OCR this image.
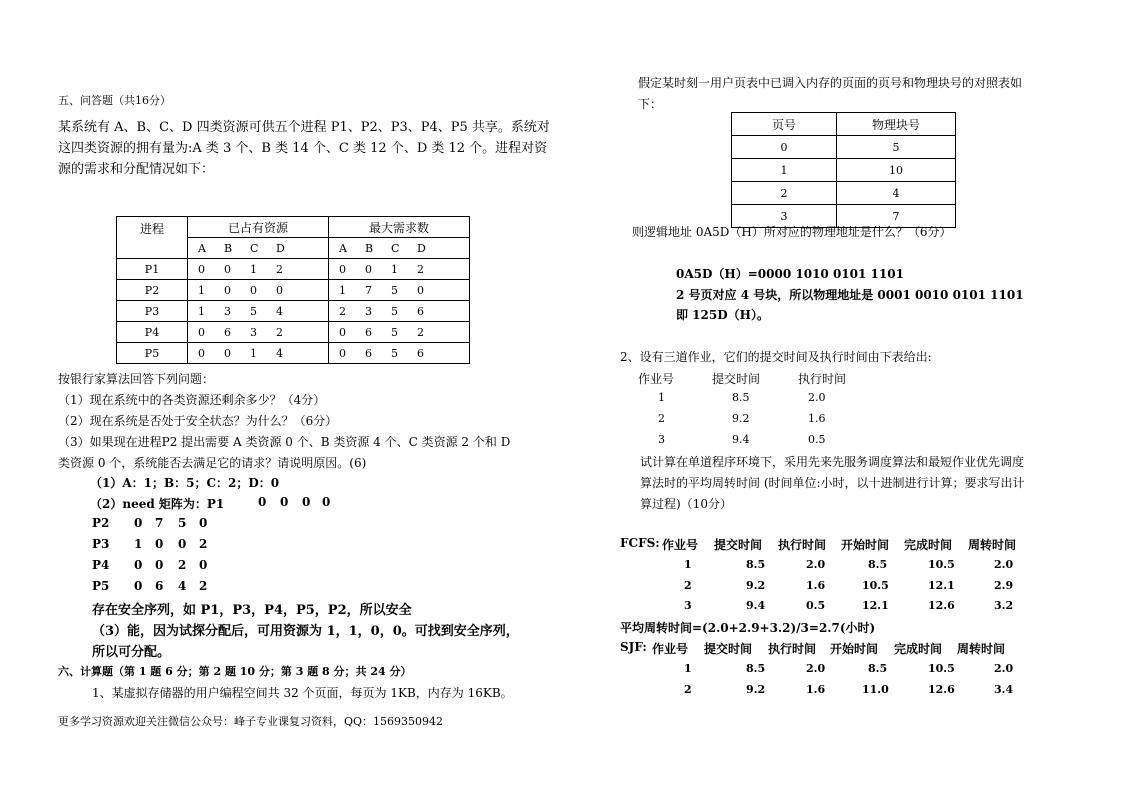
五、问答题（共16分）
某系统有 A、B、C、D 四类资源可供五个进程 P1、P2、P3、P4、P5 共享。系统对
这四类资源的拥有量为:A 类 3 个、B 类 14 个、C 类 12 个、D 类 12 个。进程对资
源的需求和分配情况如下：
进程	已占有资源	最大需求数
	A B C D	A B C D
P1	0 0 1 2	0 0 1 2
P2	1 0 0 0	1 7 5 0
P3	1 3 5 4	2 3 5 6
P4	0 6 3 2	0 6 5 2
P5	0 0 1 4	0 6 5 6
按银行家算法回答下列问题：
（1）现在系统中的各类资源还剩余多少？（4分）
（2）现在系统是否处于安全状态？为什么？（6分）
（3）如果现在进程P2 提出需要 A 类资源 0 个、B 类资源 4 个、C 类资源 2 个和 D
类资源 0 个，系统能否去满足它的请求？请说明原因。(6)
（1）A：1；B：5；C：2；D：0
（2）need 矩阵为：P1	0 0 0 0
P2 0 7 5 0
P3 1 0 0 2
P4 0 0 2 0
P5 0 6 4 2
存在安全序列，如 P1，P3，P4，P5，P2，所以安全
（3）能，因为试探分配后，可用资源为 1，1，0，0。可找到安全序列，
所以可分配。
六、计算题（第 1 题 6 分；第 2 题 10 分；第 3 题 8 分；共 24 分）
1、某虚拟存储器的用户编程空间共 32 个页面，每页为 1KB，内存为 16KB。
更多学习资源欢迎关注微信公众号：峰子专业课复习资料，QQ：1569350942
假定某时刻一用户页表中已调入内存的页面的页号和物理块号的对照表如
下：
页号	物理块号
0	5
1	10
2	4
3	7
则逻辑地址 0A5D（H）所对应的物理地址是什么？（6分）
0A5D（H）=0000 1010 0101 1101
2 号页对应 4 号块，所以物理地址是 0001 0010 0101 1101
即 125D（H）。
2、设有三道作业，它们的提交时间及执行时间由下表给出:
作业号	提交时间	执行时间
1	8.5	2.0
2	9.2	1.6
3	9.4	0.5
试计算在单道程序环境下，采用先来先服务调度算法和最短作业优先调度
算法时的平均周转时间 (时间单位:小时，以十进制进行计算；要求写出计
算过程)（10分）
FCFS: 作业号 提交时间 执行时间 开始时间 完成时间 周转时间
1	8.5	2.0	8.5	10.5	2.0
2	9.2	1.6	10.5	12.1	2.9
3	9.4	0.5	12.1	12.6	3.2
平均周转时间=(2.0+2.9+3.2)/3=2.7(小时)
SJF: 作业号 提交时间 执行时间 开始时间 完成时间 周转时间
1	8.5	2.0	8.5	10.5	2.0
2	9.2	1.6	11.0	12.6	3.4
